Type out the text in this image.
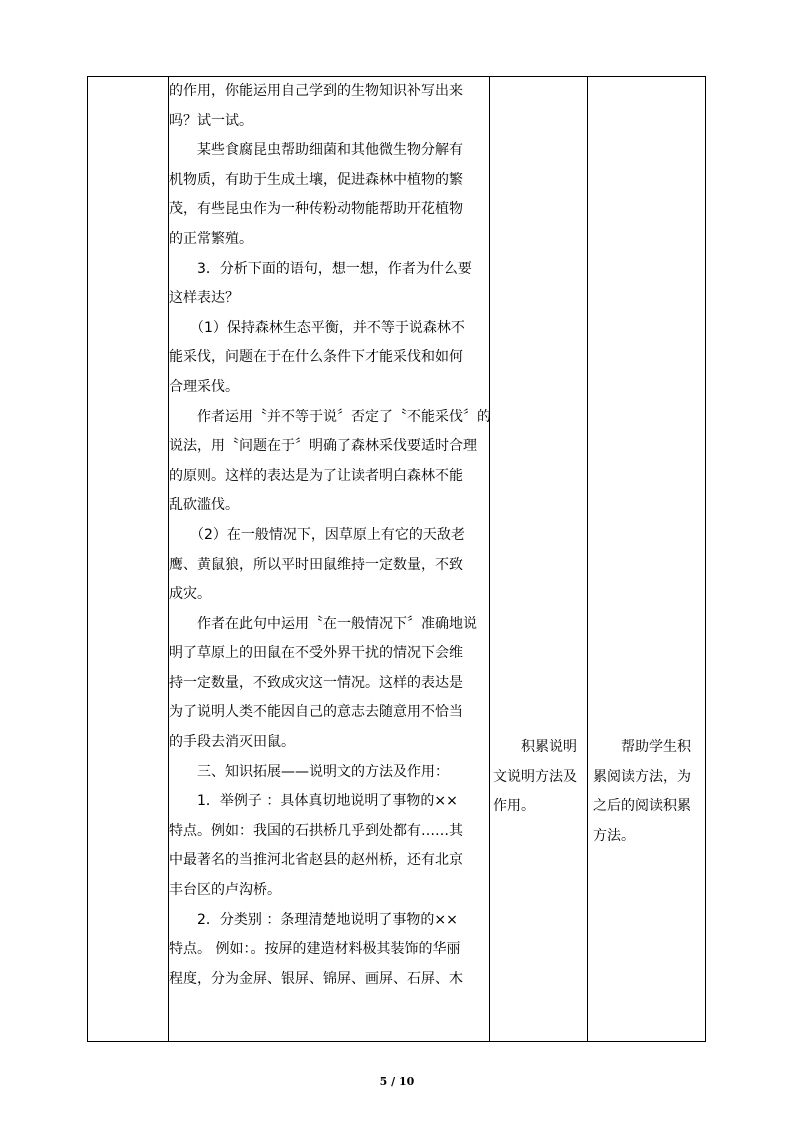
的作用，你能运用自己学到的生物知识补写出来

吗？试一试。

　　某些食腐昆虫帮助细菌和其他微生物分解有

机物质，有助于生成土壤，促进森林中植物的繁

茂，有些昆虫作为一种传粉动物能帮助开花植物

的正常繁殖。

　　3．分析下面的语句，想一想，作者为什么要

这样表达？

　　（1）保持森林生态平衡，并不等于说森林不

能采伐，问题在于在什么条件下才能采伐和如何

合理采伐。

　　作者运用〝并不等于说〞否定了〝不能采伐〞的

说法，用〝问题在于〞明确了森林采伐要适时合理

的原则。这样的表达是为了让读者明白森林不能

乱砍滥伐。

　　（2）在一般情况下，因草原上有它的天敌老

鹰、黄鼠狼，所以平时田鼠维持一定数量，不致

成灾。

　　作者在此句中运用〝在一般情况下〞准确地说

明了草原上的田鼠在不受外界干扰的情况下会维

持一定数量，不致成灾这一情况。这样的表达是

为了说明人类不能因自己的意志去随意用不恰当

的手段去消灭田鼠。

　　三、知识拓展——说明文的方法及作用：

　　1．举例子 ：具体真切地说明了事物的××

特点。例如：我国的石拱桥几乎到处都有……其

中最著名的当推河北省赵县的赵州桥，还有北京

丰台区的卢沟桥。

　　2．分类别 ：条理清楚地说明了事物的××

特点。 例如：。按屏的建造材料极其装饰的华丽

程度，分为金屏、银屏、锦屏、画屏、石屏、木

　　积累说明
文说明方法及
作用。
　　帮助学生积
累阅读方法，为
之后的阅读积累
方法。
5 / 10
